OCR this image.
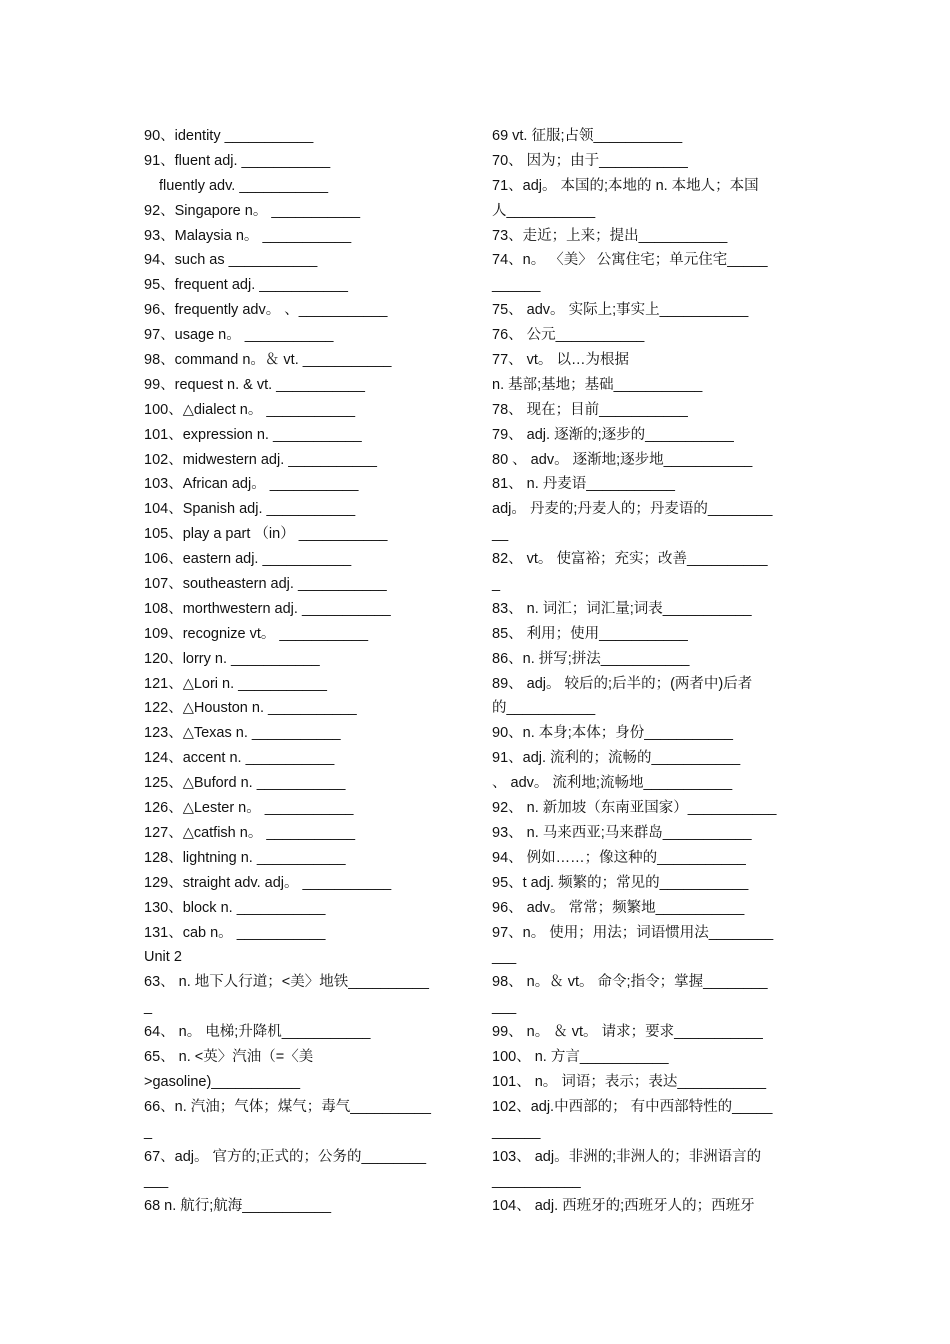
90、identity ___________
91、fluent adj. ___________
fluently adv. ___________
92、Singapore n。 ___________
93、Malaysia n。 ___________
94、such as ___________
95、frequent adj. ___________
96、frequently adv。 、___________
97、usage n。 ___________
98、command n。＆ vt. ___________
99、request n. & vt. ___________
100、△dialect n。 ___________
101、expression n. ___________
102、midwestern adj. ___________
103、African adj。 ___________
104、Spanish adj. ___________
105、play a part （in） ___________
106、eastern adj. ___________
107、southeastern adj. ___________
108、morthwestern adj. ___________
109、recognize vt。 ___________
120、lorry n. ___________
121、△Lori n. ___________
122、△Houston n. ___________
123、△Texas n. ___________
124、accent n. ___________
125、△Buford n. ___________
126、△Lester n。 ___________
127、△catfish n。 ___________
128、lightning n. ___________
129、straight adv. adj。 ___________
130、block n. ___________
131、cab n。 ___________
Unit 2
63、 n. 地下人行道；<美〉地铁__________
_
64、 n。 电梯;升降机___________
65、 n. <英〉汽油（=〈美
>gasoline)___________
66、n. 汽油；气体；煤气；毒气__________
_
67、adj。 官方的;正式的；公务的________
___
68 n. 航行;航海___________
69 vt. 征服;占领___________
70、 因为；由于___________
71、adj。 本国的;本地的 n. 本地人；本国
人___________
73、走近；上来；提出___________
74、n。 〈美〉 公寓住宅；单元住宅_____
______
75、 adv。 实际上;事实上___________
76、 公元___________
77、 vt。 以…为根据
n. 基部;基地；基础___________
78、 现在；目前___________
79、 adj. 逐渐的;逐步的___________
80 、 adv。 逐渐地;逐步地___________
81、 n. 丹麦语___________
adj。 丹麦的;丹麦人的；丹麦语的________
__
82、 vt。 使富裕；充实；改善__________
_
83、 n. 词汇；词汇量;词表___________
85、 利用；使用___________
86、n. 拼写;拼法___________
89、 adj。 较后的;后半的；(两者中)后者
的___________
90、n. 本身;本体；身份___________
91、adj. 流利的；流畅的___________
、 adv。 流利地;流畅地___________
92、 n. 新加坡（东南亚国家）___________
93、 n. 马来西亚;马来群岛___________
94、 例如……；像这种的___________
95、t adj. 频繁的；常见的___________
96、 adv。 常常；频繁地___________
97、n。 使用；用法；词语惯用法________
___
98、 n。＆ vt。 命令;指令；掌握________
___
99、 n。 ＆ vt。 请求；要求___________
100、 n. 方言___________
101、 n。 词语；表示；表达___________
102、adj.中西部的； 有中西部特性的_____
______
103、 adj。非洲的;非洲人的；非洲语言的
___________
104、 adj. 西班牙的;西班牙人的；西班牙
